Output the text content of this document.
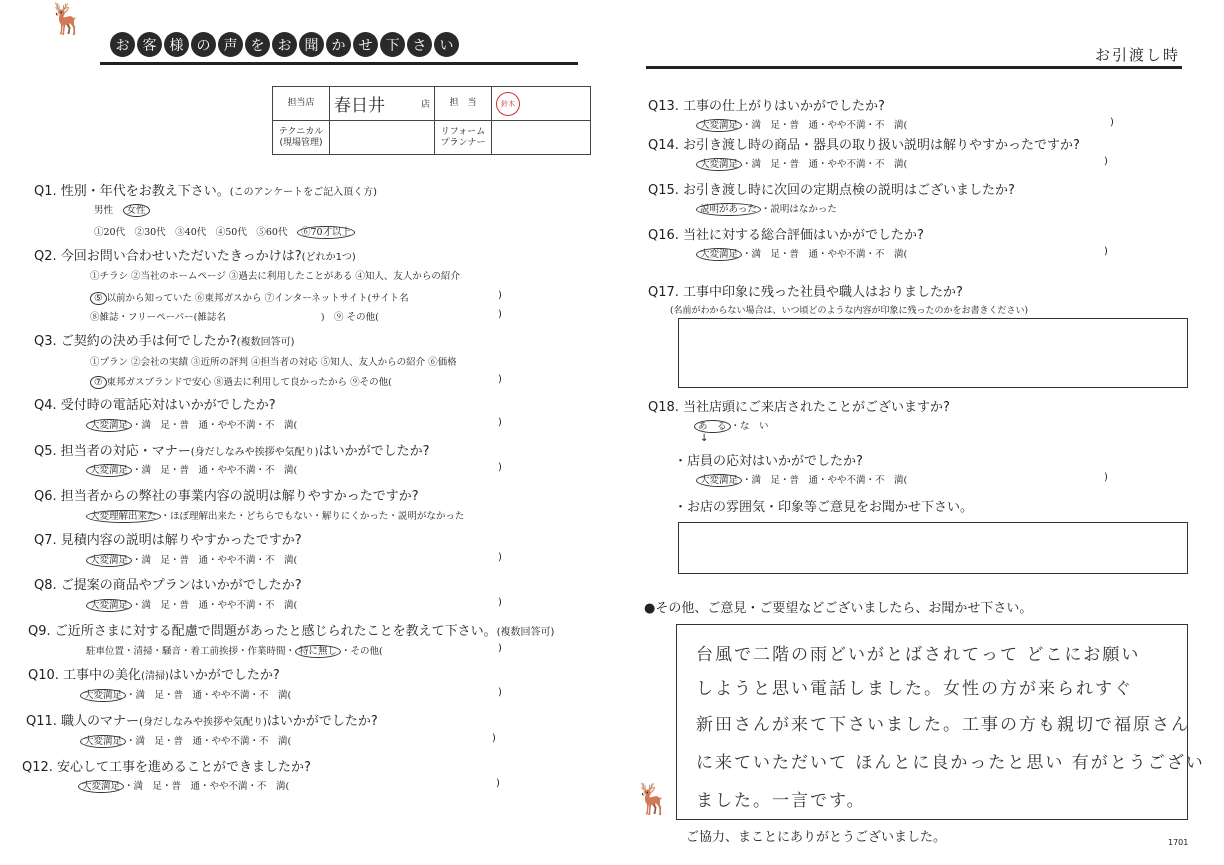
🦌
お 客 様 の 声 を お 聞 か せ 下 さ い
お引渡し時
担当店	春日井 店	担　当	鈴木

テクニカル
(現場管理)		リフォーム
プランナー	
Q1. 性別・年代をお教え下さい。(このアンケートをご記入頂く方)
男性　 女性
①20代　②30代　③40代　④50代　⑤60代　 ⑥70才以上
Q2. 今回お問い合わせいただいたきっかけは?(どれか1つ)
①チラシ ②当社のホームページ ③過去に利用したことがある ④知人、友人からの紹介
⑤ 以前から知っていた ⑥東邦ガスから ⑦インターネットサイト(サイト名	)
⑧雑誌・フリーペーパー(雑誌名　　　　　　　　　　)　⑨ その他(	)
Q3. ご契約の決め手は何でしたか?(複数回答可)
①プラン ②会社の実績 ③近所の評判 ④担当者の対応 ⑤知人、友人からの紹介 ⑥価格
⑦ 東邦ガスブランドで安心 ⑧過去に利用して良かったから ⑨その他(	)
Q4. 受付時の電話応対はいかがでしたか?
大変満足 ・満　足・普　通・やや不満・不　満(	)
Q5. 担当者の対応・マナー(身だしなみや挨拶や気配り)はいかがでしたか?
大変満足 ・満　足・普　通・やや不満・不　満(	)
Q6. 担当者からの弊社の事業内容の説明は解りやすかったですか?
大変理解出来た ・ほぼ理解出来た・どちらでもない・解りにくかった・説明がなかった
Q7. 見積内容の説明は解りやすかったですか?
大変満足 ・満　足・普　通・やや不満・不　満(	)
Q8. ご提案の商品やプランはいかがでしたか?
大変満足 ・満　足・普　通・やや不満・不　満(	)
Q9. ご近所さまに対する配慮で問題があったと感じられたことを教えて下さい。(複数回答可)
駐車位置・清掃・騒音・着工前挨拶・作業時間・ 特に無し ・その他(	)
Q10. 工事中の美化(清掃)はいかがでしたか?
大変満足 ・満　足・普　通・やや不満・不　満(	)
Q11. 職人のマナー(身だしなみや挨拶や気配り)はいかがでしたか?
大変満足 ・満　足・普　通・やや不満・不　満(	)
Q12. 安心して工事を進めることができましたか?
大変満足 ・満　足・普　通・やや不満・不　満(	)
Q13. 工事の仕上がりはいかがでしたか?
大変満足 ・満　足・普　通・やや不満・不　満(	)
Q14. お引き渡し時の商品・器具の取り扱い説明は解りやすかったですか?
大変満足 ・満　足・普　通・やや不満・不　満(	)
Q15. お引き渡し時に次回の定期点検の説明はございましたか?
説明があった ・説明はなかった
Q16. 当社に対する総合評価はいかがでしたか?
大変満足 ・満　足・普　通・やや不満・不　満(	)
Q17. 工事中印象に残った社員や職人はおりましたか?
(名前がわからない場合は、いつ頃どのような内容が印象に残ったのかをお書きください)
Q18. 当社店頭にご来店されたことがございますか?
あ　る ・な　い
↓
・店員の応対はいかがでしたか?
大変満足 ・満　足・普　通・やや不満・不　満(	)
・お店の雰囲気・印象等ご意見をお聞かせ下さい。
●その他、ご意見・ご要望などございましたら、お聞かせ下さい。
台風で二階の雨どいがとばされてって どこにお願い
しようと思い電話しました。女性の方が来られすぐ
新田さんが来て下さいました。工事の方も親切で福原さん
に来ていただいて ほんとに良かったと思い 有がとうござい
ました。一言です。
🦌
ご協力、まことにありがとうございました。	1701
